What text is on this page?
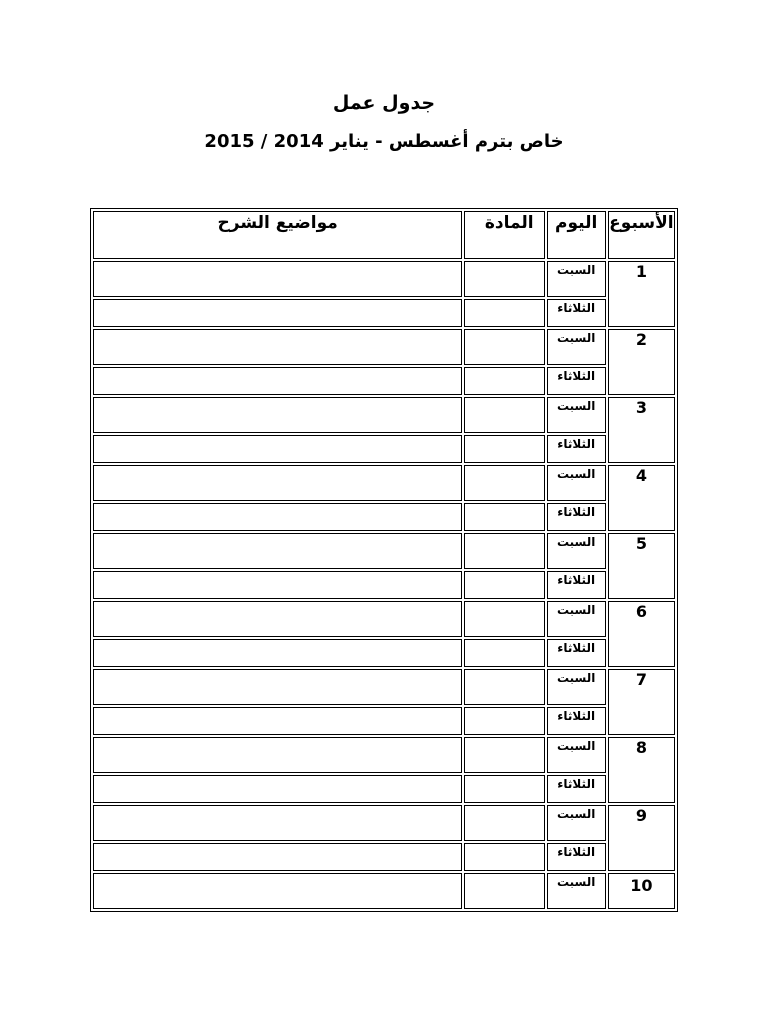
جدول عمل
خاص بترم أغسطس - يناير 2014 / 2015
الأسبوع	اليوم	المادة	مواضيع الشرح
1	السبت		
	الثلاثاء		
2	السبت		
	الثلاثاء		
3	السبت		
	الثلاثاء		
4	السبت		
	الثلاثاء		
5	السبت		
	الثلاثاء		
6	السبت		
	الثلاثاء		
7	السبت		
	الثلاثاء		
8	السبت		
	الثلاثاء		
9	السبت		
	الثلاثاء		
10	السبت		
